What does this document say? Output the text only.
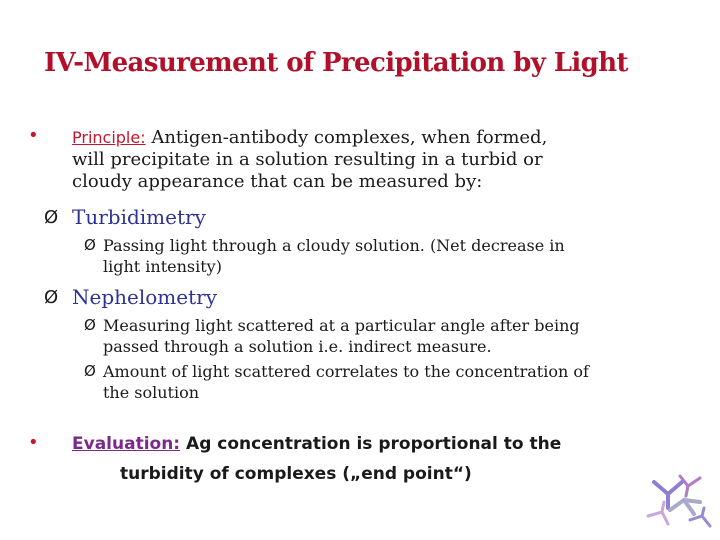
IV-Measurement of Precipitation by Light
• Principle: Antigen-antibody complexes, when formed,

will precipitate in a solution resulting in a turbid or

cloudy appearance that can be measured by:

Ø Turbidimetry

Ø Passing light through a cloudy solution. (Net decrease in

light intensity)

Ø Nephelometry

Ø Measuring light scattered at a particular angle after being

passed through a solution i.e. indirect measure.

Ø Amount of light scattered correlates to the concentration of

the solution

• Evaluation: Ag concentration is proportional to the

turbidity of complexes („end point“)
